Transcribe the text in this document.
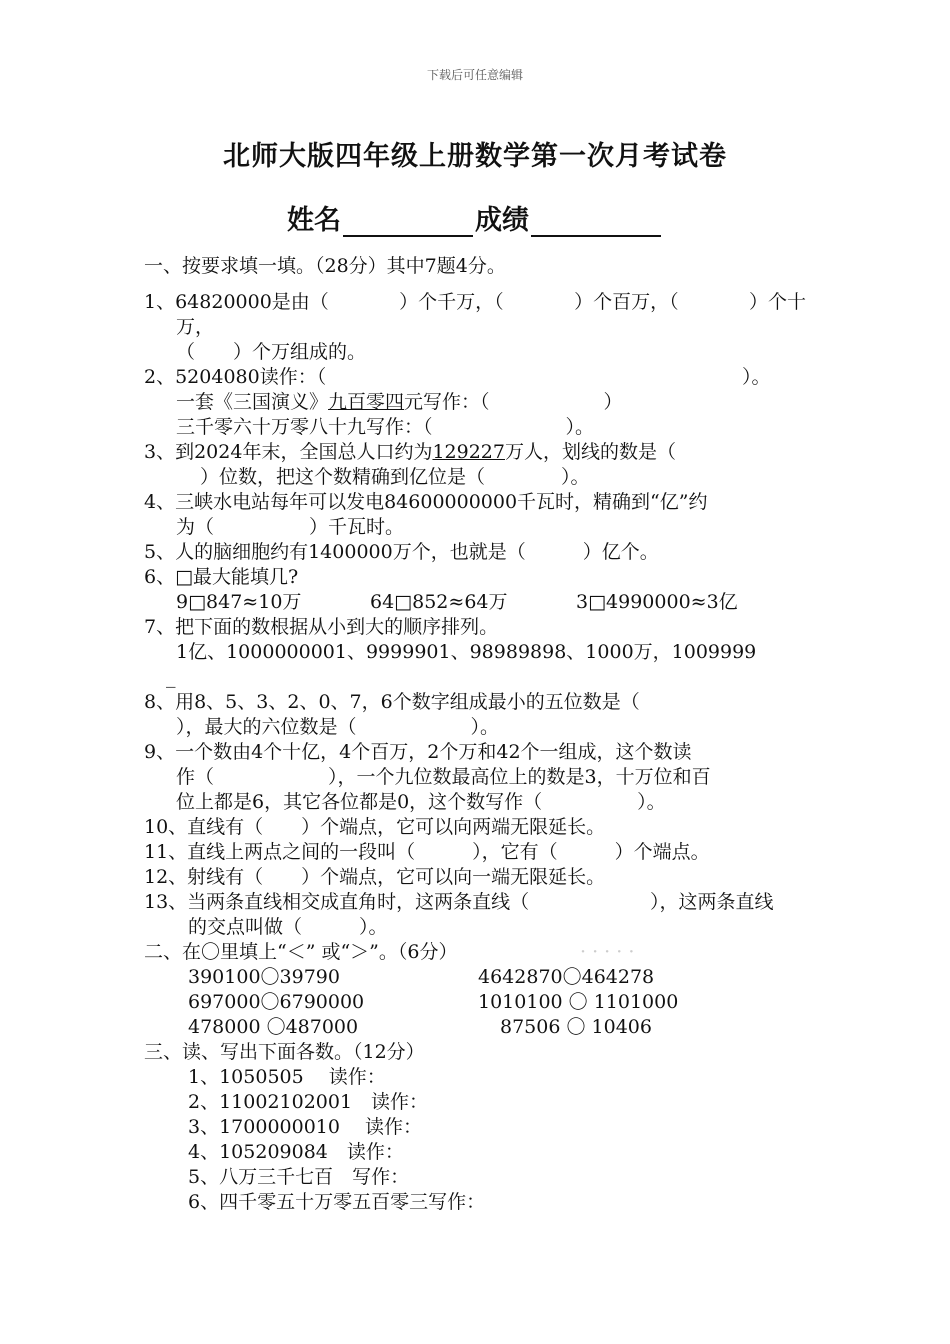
下载后可任意编辑
北师大版四年级上册数学第一次月考试卷
姓名	成绩
一、按要求填一填。（28分）其中7题4分。
1、64820000是由（	）个千万，（	）个百万，（	）个十
万，
（　　）个万组成的。
2、5204080读作：（	）。
一套《三国演义》九百零四元写作：（　　　　　　）
三千零六十万零八十九写作：（　　　　　　　）。
3、到2024年末，全国总人口约为129227万人，划线的数是（
）位数，把这个数精确到亿位是（　　　　）。
4、三峡水电站每年可以发电84600000000千瓦时，精确到“亿”约
为（　　　　　）千瓦时。
5、人的脑细胞约有1400000万个，也就是（　　　）亿个。
6、□最大能填几?
9□847≈10万	64□852≈64万	3□4990000≈3亿
7、把下面的数根据从小到大的顺序排列。
1亿、1000000001、9999901、98989898、1000万，1009999
_
8、用8、5、3、2、0、7，6个数字组成最小的五位数是（
），最大的六位数是（　　　　　　）。
9、一个数由4个十亿，4个百万，2个万和42个一组成，这个数读
作（　　　　　　），一个九位数最高位上的数是3，十万位和百
位上都是6，其它各位都是0，这个数写作（　　　　　）。
10、直线有（　　）个端点，它可以向两端无限延长。
11、直线上两点之间的一段叫（　　　），它有（　　　）个端点。
12、射线有（　　）个端点，它可以向一端无限延长。
13、当两条直线相交成直角时，这两条直线（	），这两条直线
的交点叫做（　　　）。
二、在〇里填上“＜” 或“＞”。（6分）	· · · · ·
390100〇39790	4642870〇464278
697000〇6790000	1010100 〇 1101000
478000 〇487000	87506 〇 10406
三、读、写出下面各数。（12分）
1、1050505　 读作：
2、11002102001　读作：
3、1700000010　 读作：
4、105209084　读作：
5、八万三千七百　写作：
6、四千零五十万零五百零三写作：
